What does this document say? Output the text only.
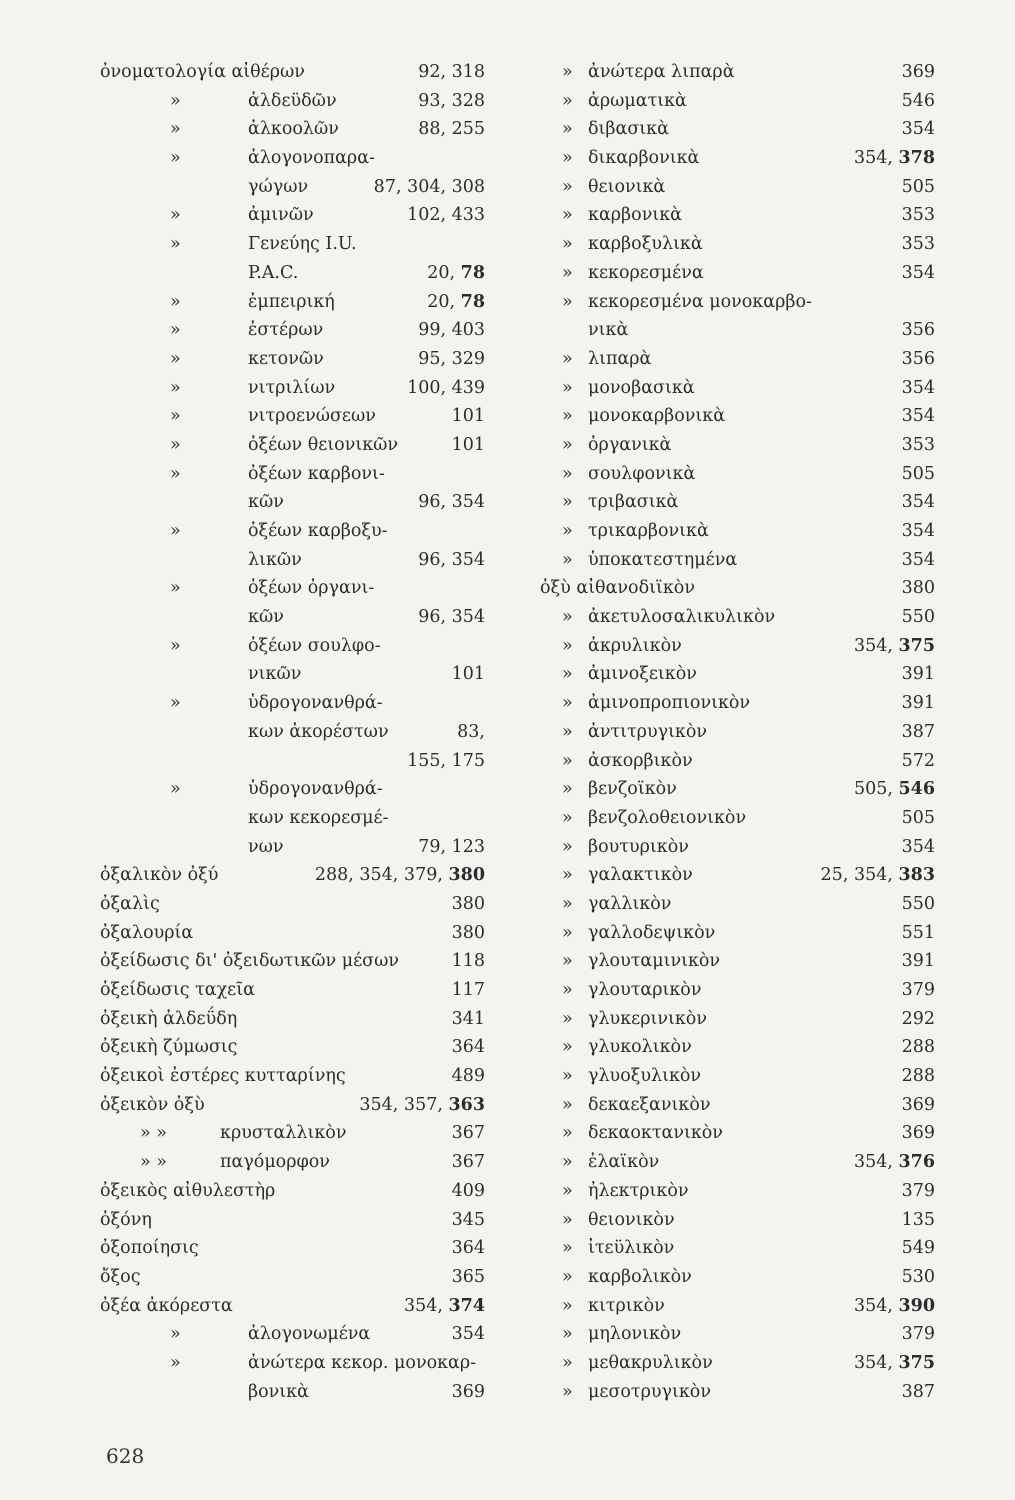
ὀνοματολογία αἰθέρων	92, 318
»	ἀλδεϋδῶν	93, 328
»	ἀλκοολῶν	88, 255
»	ἀλογονοπαρα-
γώγων	87, 304, 308
»	ἀμινῶν	102, 433
»	Γενεύης I.U.
P.A.C.	20, 78
»	ἐμπειρική	20, 78
»	ἐστέρων	99, 403
»	κετονῶν	95, 329
»	νιτριλίων	100, 439
»	νιτροενώσεων	101
»	ὀξέων θειονικῶν	101
»	ὀξέων καρβονι-
κῶν	96, 354
»	ὀξέων καρβοξυ-
λικῶν	96, 354
»	ὀξέων ὀργανι-
κῶν	96, 354
»	ὀξέων σουλφο-
νικῶν	101
»	ὑδρογονανθρά-
κων ἀκορέστων	83,
155, 175
»	ὑδρογονανθρά-
κων κεκορεσμέ-
νων	79, 123
ὀξαλικὸν ὀξύ	288, 354, 379, 380
ὀξαλὶς	380
ὀξαλουρία	380
ὀξείδωσις δι' ὀξειδωτικῶν μέσων	118
ὀξείδωσις ταχεῖα	117
ὀξεικὴ ἀλδεΰδη	341
ὀξεικὴ ζύμωσις	364
ὀξεικοὶ ἐστέρες κυτταρίνης	489
ὀξεικὸν ὀξὺ	354, 357, 363
» »	κρυσταλλικὸν	367
» »	παγόμορφον	367
ὀξεικὸς αἰθυλεστὴρ	409
ὀξόνη	345
ὀξοποίησις	364
ὄξος	365
ὀξέα ἀκόρεστα	354, 374
»	ἀλογονωμένα	354
»	ἀνώτερα κεκορ. μονοκαρ-
βονικὰ	369
» ἀνώτερα λιπαρὰ	369
» ἀρωματικὰ	546
» διβασικὰ	354
» δικαρβονικὰ	354, 378
» θειονικὰ	505
» καρβονικὰ	353
» καρβοξυλικὰ	353
» κεκορεσμένα	354
» κεκορεσμένα μονοκαρβο-
νικὰ	356
» λιπαρὰ	356
» μονοβασικὰ	354
» μονοκαρβονικὰ	354
» ὀργανικὰ	353
» σουλφονικὰ	505
» τριβασικὰ	354
» τρικαρβονικὰ	354
» ὑποκατεστημένα	354
ὀξὺ αἰθανοδιϊκὸν	380
» ἀκετυλοσαλικυλικὸν	550
» ἀκρυλικὸν	354, 375
» ἀμινοξεικὸν	391
» ἀμινοπροπιονικὸν	391
» ἀντιτρυγικὸν	387
» ἀσκορβικὸν	572
» βενζοϊκὸν	505, 546
» βενζολοθειονικὸν	505
» βουτυρικὸν	354
» γαλακτικὸν	25, 354, 383
» γαλλικὸν	550
» γαλλοδεψικὸν	551
» γλουταμινικὸν	391
» γλουταρικὸν	379
» γλυκερινικὸν	292
» γλυκολικὸν	288
» γλυοξυλικὸν	288
» δεκαεξανικὸν	369
» δεκαοκτανικὸν	369
» ἐλαϊκὸν	354, 376
» ἠλεκτρικὸν	379
» θειονικὸν	135
» ἰτεϋλικὸν	549
» καρβολικὸν	530
» κιτρικὸν	354, 390
» μηλονικὸν	379
» μεθακρυλικὸν	354, 375
» μεσοτρυγικὸν	387
628
